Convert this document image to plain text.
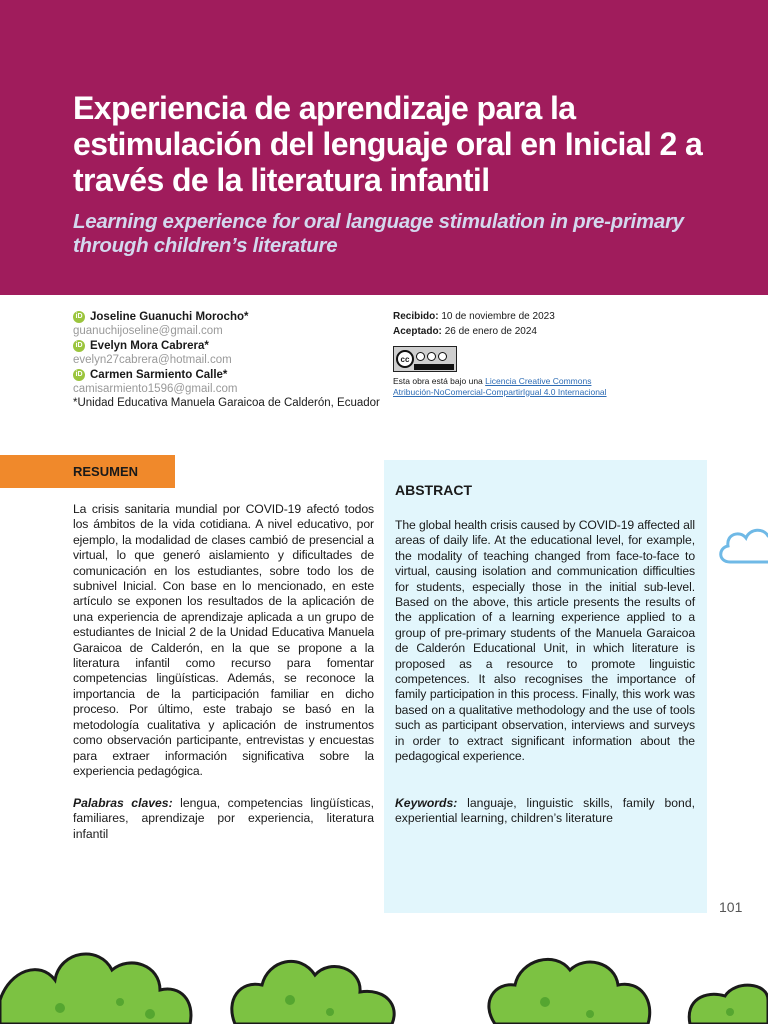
Experiencia de aprendizaje para la estimulación del lenguaje oral en Inicial 2 a través de la literatura infantil
Learning experience for oral language stimulation in pre-primary through children’s literature
iD Joseline Guanuchi Morocho*
guanuchijoseline@gmail.com
iD Evelyn Mora Cabrera*
evelyn27cabrera@hotmail.com
iD Carmen Sarmiento Calle*
camisarmiento1596@gmail.com
*Unidad Educativa Manuela Garaicoa de Calderón, Ecuador
Recibido: 10 de noviembre de 2023
Aceptado: 26 de enero de 2024
cc
Esta obra está bajo una Licencia Creative Commons
Atribución-NoComercial-CompartirIgual 4.0 Internacional
RESUMEN
La crisis sanitaria mundial por COVID-19 afectó todos los ámbitos de la vida cotidiana. A nivel educativo, por ejemplo, la modalidad de clases cambió de presencial a virtual, lo que generó aislamiento y dificultades de comunicación en los estudiantes, sobre todo los de subnivel Inicial. Con base en lo mencionado, en este artículo se exponen los resultados de la aplicación de una experiencia de aprendizaje aplicada a un grupo de estudiantes de Inicial 2 de la Unidad Educativa Manuela Garaicoa de Calderón, en la que se propone a la literatura infantil como recurso para fomentar competencias lingüísticas. Además, se reconoce la importancia de la participación familiar en dicho proceso. Por último, este trabajo se basó en la metodología cualitativa y aplicación de instrumentos como observación participante, entrevistas y encuestas para extraer información significativa sobre la experiencia pedagógica.
Palabras claves: lengua, competencias lingüísticas, familiares, aprendizaje por experiencia, literatura infantil
ABSTRACT
The global health crisis caused by COVID-19 affected all areas of daily life. At the educational level, for example, the modality of teaching changed from face-to-face to virtual, causing isolation and communication difficulties for students, especially those in the initial sub-level. Based on the above, this article presents the results of the application of a learning experience applied to a group of pre-primary students of the Manuela Garaicoa de Calderón Educational Unit, in which literature is proposed as a resource to promote linguistic competences. It also recognises the importance of family participation in this process. Finally, this work was based on a qualitative methodology and the use of tools such as participant observation, interviews and surveys in order to extract significant information about the pedagogical experience.
Keywords: languaje, linguistic skills, family bond, experiential learning, children’s literature
101
